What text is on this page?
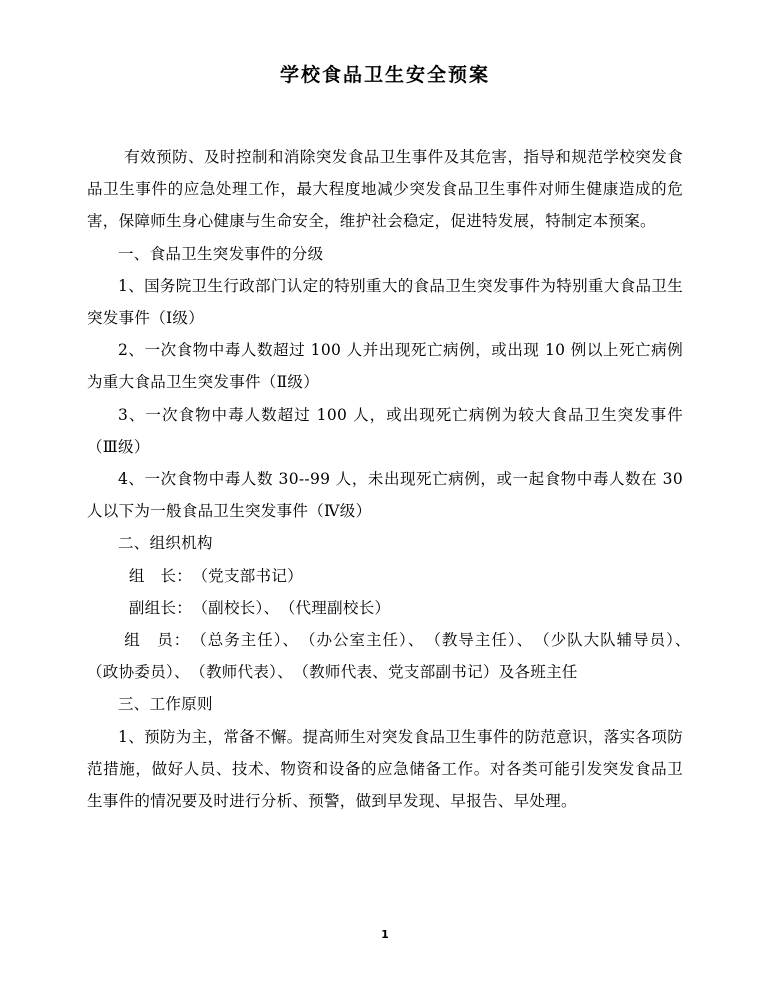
学校食品卫生安全预案

有效预防、及时控制和消除突发食品卫生事件及其危害，指导和规范学校突发食品卫生事件的应急处理工作，最大程度地减少突发食品卫生事件对师生健康造成的危害，保障师生身心健康与生命安全，维护社会稳定，促进特发展，特制定本预案。

一、食品卫生突发事件的分级

1、国务院卫生行政部门认定的特别重大的食品卫生突发事件为特别重大食品卫生突发事件（Ⅰ级）

2、一次食物中毒人数超过 100 人并出现死亡病例，或出现 10 例以上死亡病例为重大食品卫生突发事件（Ⅱ级）

3、一次食物中毒人数超过 100 人，或出现死亡病例为较大食品卫生突发事件（Ⅲ级）

4、一次食物中毒人数 30--99 人，未出现死亡病例，或一起食物中毒人数在 30 人以下为一般食品卫生突发事件（Ⅳ级）

二、组织机构

组　长：　（党支部书记）

副组长：　（副校长）、　（代理副校长）

组　员：　（总务主任）、　（办公室主任）、　（教导主任）、　（少队大队辅导员）、　（政协委员）、　（教师代表）、　（教师代表、党支部副书记）及各班主任

三、工作原则

1、预防为主，常备不懈。提高师生对突发食品卫生事件的防范意识，落实各项防范措施，做好人员、技术、物资和设备的应急储备工作。对各类可能引发突发食品卫生事件的情况要及时进行分析、预警，做到早发现、早报告、早处理。

1
